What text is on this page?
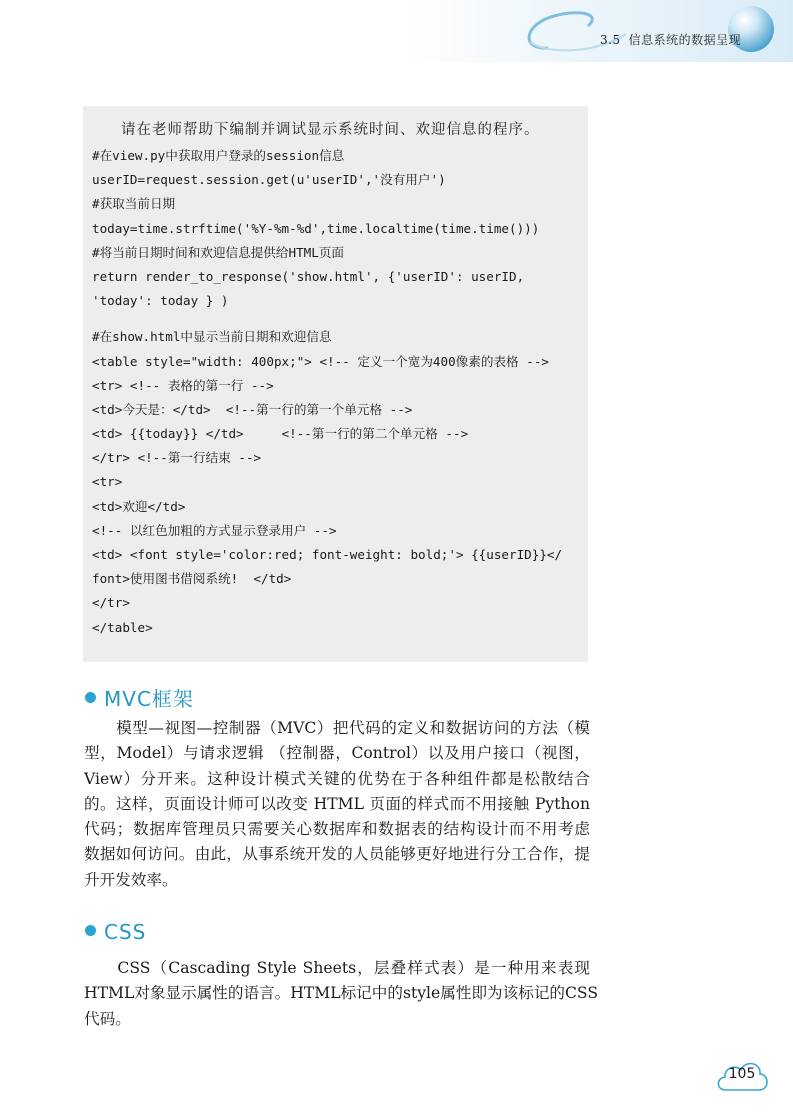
3.5 信息系统的数据呈现
请在老师帮助下编制并调试显示系统时间、欢迎信息的程序。
#在view.py中获取用户登录的session信息
userID=request.session.get(u'userID','没有用户')
#获取当前日期
today=time.strftime('%Y-%m-%d',time.localtime(time.time()))
#将当前日期时间和欢迎信息提供给HTML页面
return render_to_response('show.html', {'userID': userID,
'today': today } )
#在show.html中显示当前日期和欢迎信息
<table style="width: 400px;"> <!-- 定义一个宽为400像素的表格 -->
<tr> <!-- 表格的第一行 -->
<td>今天是：</td>  <!--第一行的第一个单元格 -->
<td> {{today}} </td>     <!--第一行的第二个单元格 -->
</tr> <!--第一行结束 -->
<tr>
<td>欢迎</td>
<!-- 以红色加粗的方式显示登录用户 -->
<td> <font style='color:red; font-weight: bold;'> {{userID}}</
font>使用图书借阅系统!  </td>
</tr>
</table>
MVC框架
　　模型—视图—控制器（MVC）把代码的定义和数据访问的方法（模
型，Model）与请求逻辑 （控制器，Control）以及用户接口（视图，
View）分开来。这种设计模式关键的优势在于各种组件都是松散结合
的。这样，页面设计师可以改变 HTML 页面的样式而不用接触 Python
代码；数据库管理员只需要关心数据库和数据表的结构设计而不用考虑
数据如何访问。由此，从事系统开发的人员能够更好地进行分工合作，提
升开发效率。
CSS
　　CSS（Cascading Style Sheets，层叠样式表）是一种用来表现
HTML对象显示属性的语言。HTML标记中的style属性即为该标记的CSS
代码。
105
